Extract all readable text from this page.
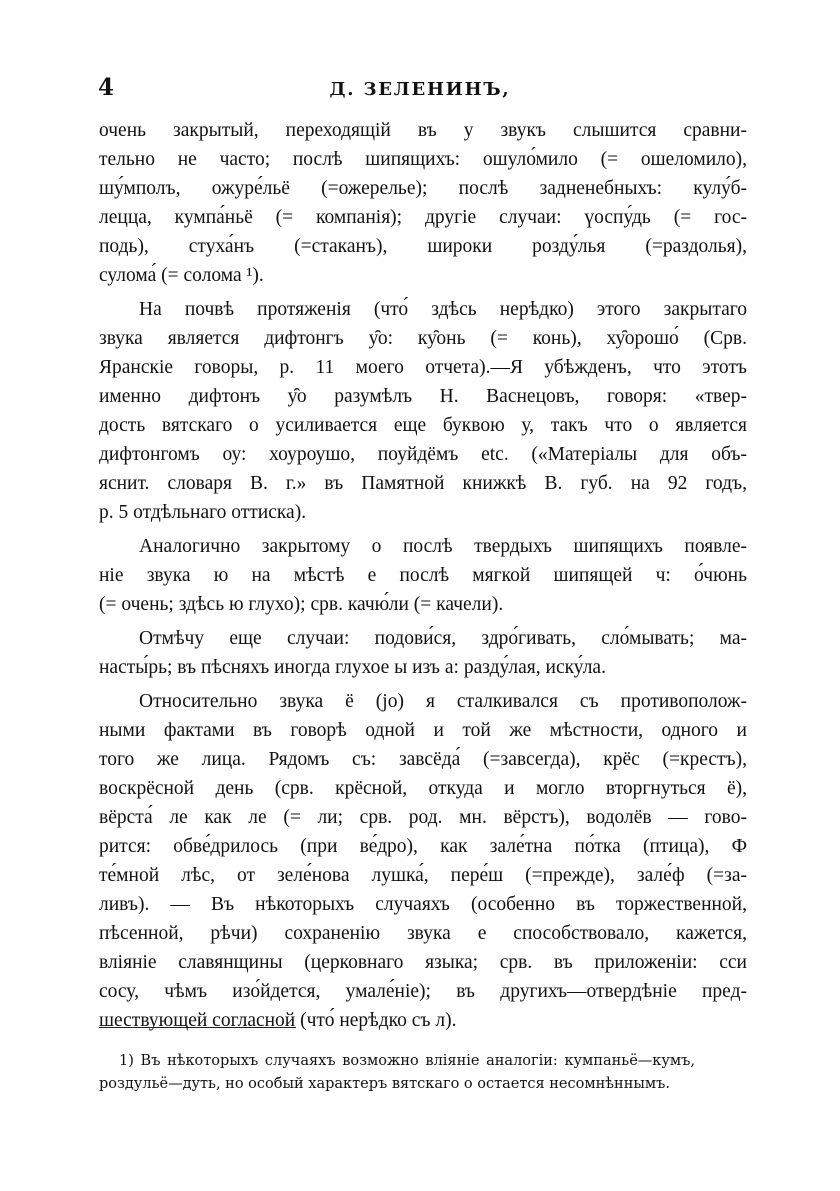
4	Д. ЗЕЛЕНИНЪ,
очень закрытый, переходящій въ у звукъ слышится сравни-
тельно не часто; послѣ шипящихъ: ошуло́мило (= ошеломило),
шу́мполъ, ожуре́льё (=ожерелье); послѣ задненебныхъ: кулу́б-
лецца, кумпа́ньё (= компанія); другіе случаи: үоспу́дь (= гос-
подь), стуха́нъ (=стаканъ), широки розду́лья (=раздолья),
сулома́ (= солома ¹).
На почвѣ протяженія (что́ здѣсь нерѣдко) этого закрытаго
звука является дифтонгъ у̑о: ку̑онь (= конь), ху̑орошо́ (Срв.
Яранскіе говоры, р. 11 моего отчета).—Я убѣжденъ, что этотъ
именно дифтонъ у̑о разумѣлъ Н. Васнецовъ, говоря: «твер-
дость вятскаго о усиливается еще буквою у, такъ что о является
дифтонгомъ оу: хоуроушо, поуйдёмъ etc. («Матеріалы для объ-
яснит. словаря В. г.» въ Памятной книжкѣ В. губ. на 92 годъ,
р. 5 отдѣльнаго оттиска).
Аналогично закрытому о послѣ твердыхъ шипящихъ появле-
ніе звука ю на мѣстѣ е послѣ мягкой шипящей ч: о́чюнь
(= очень; здѣсь ю глухо); срв. качю́ли (= качели).
Отмѣчу еще случаи: подови́ся, здро́гивать, сло́мывать; ма-
насты́рь; въ пѣсняхъ иногда глухое ы изъ а: разду́лая, иску́ла.
Относительно звука ё (jo) я сталкивался съ противополож-
ными фактами въ говорѣ одной и той же мѣстности, одного и
того же лица. Рядомъ съ: завсёда́ (=завсегда), крёс (=крестъ),
воскрёсной день (срв. крёсной, откуда и могло вторгнуться ё),
вёрста́ ле как ле (= ли; срв. род. мн. вёрстъ), водолёв — гово-
рится: обве́дрилось (при ве́дро), как зале́тна по́тка (птица), Ф
те́мной лѣс, от зеле́нова лушка́, пере́ш (=прежде), зале́ф (=за-
ливъ). — Въ нѣкоторыхъ случаяхъ (особенно въ торжественной,
пѣсенной, рѣчи) сохраненію звука е способствовало, кажется,
вліяніе славянщины (церковнаго языка; срв. въ приложеніи: сси
сосу, чѣмъ изо́йдется, умале́ніе); въ другихъ—отвердѣніе пред-
шествующей согласной (что́ нерѣдко съ л).
1) Въ нѣкоторыхъ случаяхъ возможно вліяніе аналогіи: кумпаньё—кумъ,
роздульё—дуть, но особый характеръ вятскаго о остается несомнѣннымъ.
